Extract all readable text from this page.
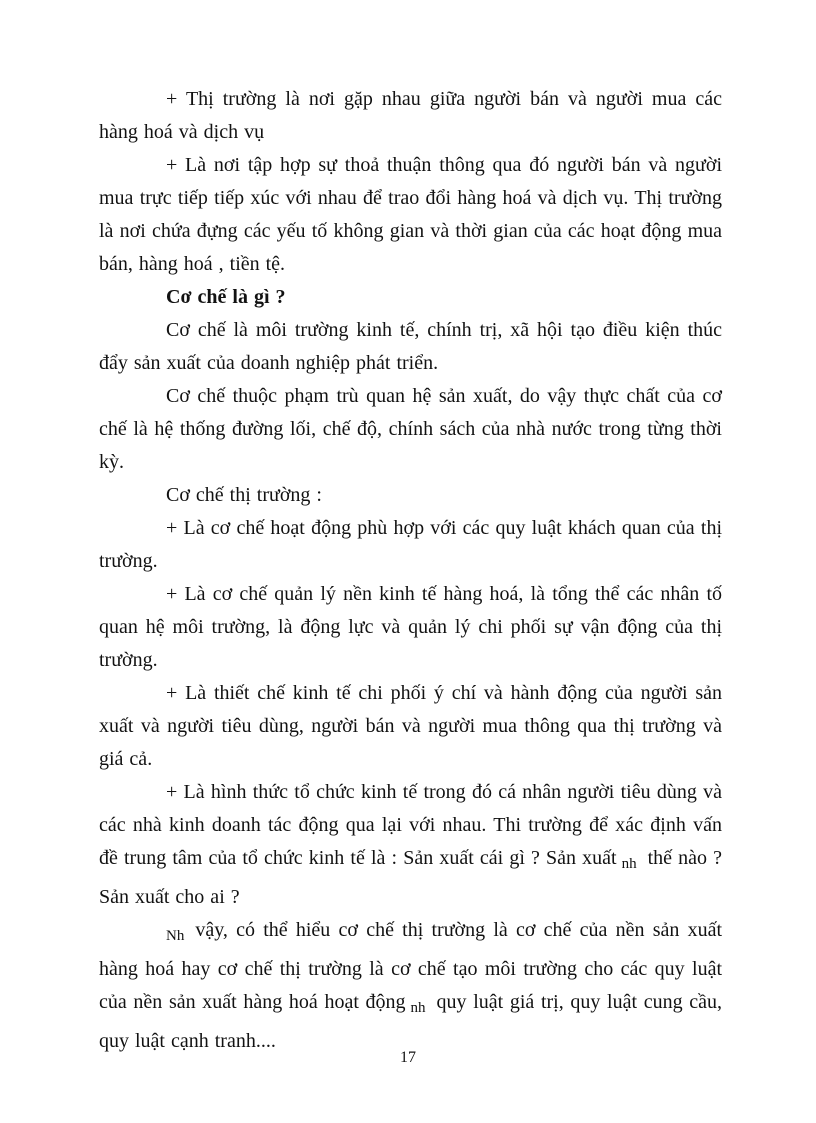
+ Thị trường là nơi gặp nhau giữa người bán và người mua các hàng hoá và dịch vụ

+ Là nơi tập hợp sự thoả thuận thông qua đó người bán và người mua trực tiếp tiếp xúc với nhau để trao đổi hàng hoá và dịch vụ. Thị trường là nơi chứa đựng các yếu tố không gian và thời gian của các hoạt động mua bán, hàng hoá , tiền tệ.

Cơ chế là gì ?

Cơ chế là môi trường kinh tế, chính trị, xã hội tạo điều kiện thúc đẩy sản xuất của doanh nghiệp phát triển.

Cơ chế thuộc phạm trù quan hệ sản xuất, do vậy thực chất của cơ chế là hệ thống đường lối, chế độ, chính sách của nhà nước trong từng thời kỳ.

Cơ chế thị trường :

+ Là cơ chế hoạt động phù hợp với các quy luật khách quan của thị trường.

+ Là cơ chế quản lý nền kinh tế hàng hoá, là tổng thể các nhân tố quan hệ môi trường, là động lực và quản lý chi phối sự vận động của thị trường.

+ Là thiết chế kinh tế chi phối ý chí và hành động của người sản xuất và người tiêu dùng, người bán và người mua thông qua thị trường và giá cả.

+ Là hình thức tổ chức kinh tế trong đó cá nhân người tiêu dùng và các nhà kinh doanh tác động qua lại với nhau. Thi trường để xác định vấn đề trung tâm của tổ chức kinh tế là : Sản xuất cái gì ? Sản xuất $_{nh}$ thế nào ? Sản xuất cho ai ?

$_{Nh}$ vậy, có thể hiểu cơ chế thị trường là cơ chế của nền sản xuất hàng hoá hay cơ chế thị trường là cơ chế tạo môi trường cho các quy luật của nền sản xuất hàng hoá hoạt động $_{nh}$ quy luật giá trị, quy luật cung cầu, quy luật cạnh tranh....

17
